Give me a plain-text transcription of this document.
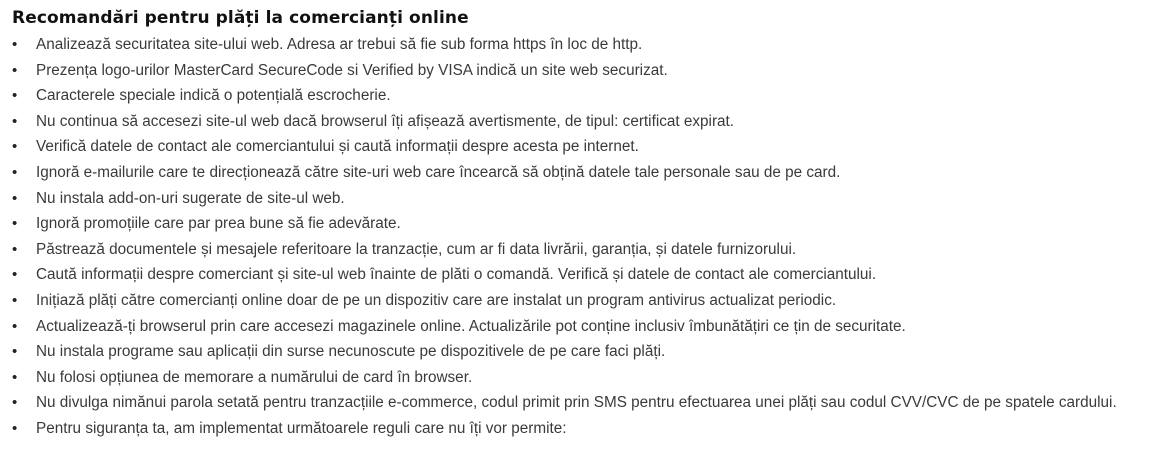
Recomandări pentru plăți la comercianți online
• Analizează securitatea site-ului web. Adresa ar trebui să fie sub forma https în loc de http.
• Prezența logo-urilor MasterCard SecureCode si Verified by VISA indică un site web securizat.
• Caracterele speciale indică o potențială escrocherie.
• Nu continua să accesezi site-ul web dacă browserul îți afișează avertismente, de tipul: certificat expirat.
• Verifică datele de contact ale comerciantului și caută informații despre acesta pe internet.
• Ignoră e-mailurile care te direcționează către site-uri web care încearcă să obțină datele tale personale sau de pe card.
• Nu instala add-on-uri sugerate de site-ul web.
• Ignoră promoțiile care par prea bune să fie adevărate.
• Păstrează documentele și mesajele referitoare la tranzacție, cum ar fi data livrării, garanția, și datele furnizorului.
• Caută informații despre comerciant și site-ul web înainte de plăti o comandă. Verifică și datele de contact ale comerciantului.
• Inițiază plăți către comercianți online doar de pe un dispozitiv care are instalat un program antivirus actualizat periodic.
• Actualizează-ți browserul prin care accesezi magazinele online. Actualizările pot conține inclusiv îmbunătățiri ce țin de securitate.
• Nu instala programe sau aplicații din surse necunoscute pe dispozitivele de pe care faci plăți.
• Nu folosi opțiunea de memorare a numărului de card în browser.
• Nu divulga nimănui parola setată pentru tranzacțiile e-commerce, codul primit prin SMS pentru efectuarea unei plăți sau codul CVV/CVC de pe spatele cardului.
• Pentru siguranța ta, am implementat următoarele reguli care nu îți vor permite:
